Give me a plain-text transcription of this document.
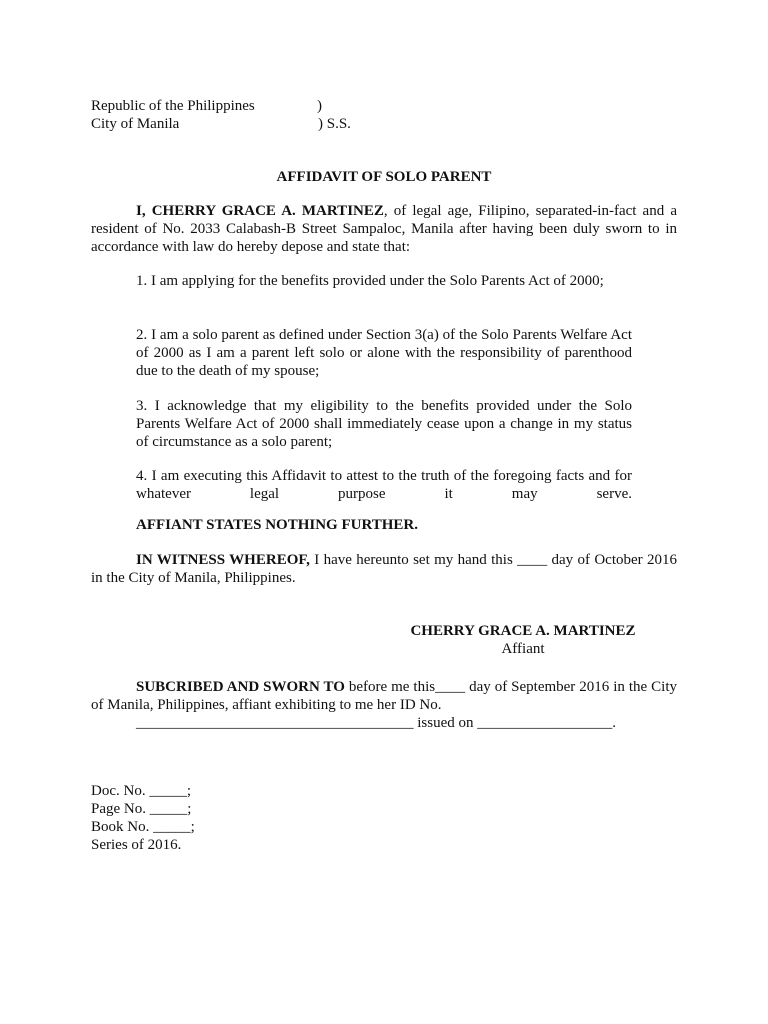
Republic of the Philippines	)
City of Manila	) S.S.
AFFIDAVIT OF SOLO PARENT
I, CHERRY GRACE A. MARTINEZ, of legal age, Filipino, separated-in-fact and a resident of No. 2033 Calabash-B Street Sampaloc, Manila after having been duly sworn to in accordance with law do hereby depose and state that:
1. I am applying for the benefits provided under the Solo Parents Act of 2000;
2. I am a solo parent as defined under Section 3(a) of the Solo Parents Welfare Act of 2000 as I am a parent left solo or alone with the responsibility of parenthood due to the death of my spouse;
3. I acknowledge that my eligibility to the benefits provided under the Solo Parents Welfare Act of 2000 shall immediately cease upon a change in my status of circumstance as a solo parent;
4. I am executing this Affidavit to attest to the truth of the foregoing facts and for whatever legal purpose it may serve.
AFFIANT STATES NOTHING FURTHER.
IN WITNESS WHEREOF, I have hereunto set my hand this ____ day of October 2016 in the City of Manila, Philippines.
CHERRY GRACE A. MARTINEZ
Affiant
SUBCRIBED AND SWORN TO before me this____ day of September 2016 in the City of Manila, Philippines, affiant exhibiting to me her ID No.
_____________________________________ issued on __________________.
Doc. No. _____;
Page No. _____;
Book No. _____;
Series of 2016.
